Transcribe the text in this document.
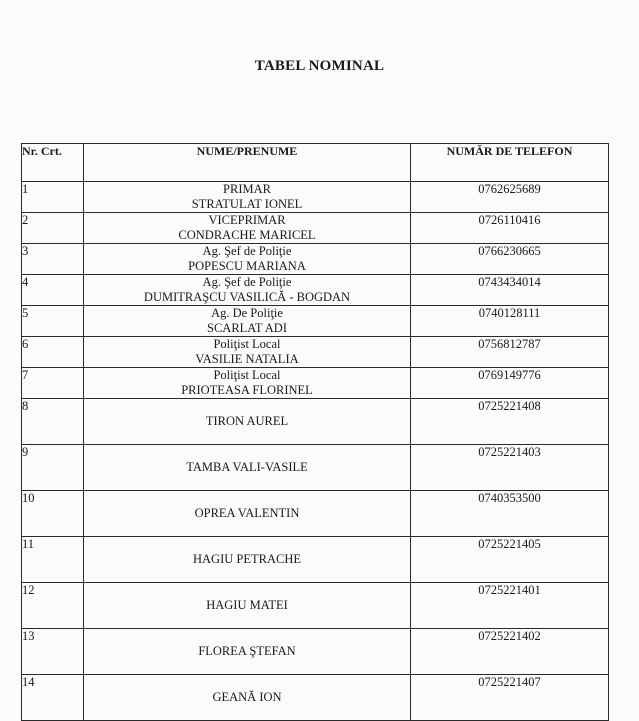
TABEL NOMINAL
Nr. Crt.	NUME/PRENUME	NUMĂR DE TELEFON
1	PRIMAR
STRATULAT IONEL	0762625689
2	VICEPRIMAR
CONDRACHE MARICEL	0726110416
3	Ag. Şef de Poliţie
POPESCU MARIANA	0766230665
4	Ag. Şef de Poliţie
DUMITRAŞCU VASILICĂ - BOGDAN	0743434014
5	Ag. De Poliţie
SCARLAT ADI	0740128111
6	Poliţist Local
VASILIE NATALIA	0756812787
7	Poliţist Local
PRIOTEASA FLORINEL	0769149776
8	TIRON AUREL	0725221408
9	TAMBA VALI-VASILE	0725221403
10	OPREA VALENTIN	0740353500
11	HAGIU PETRACHE	0725221405
12	HAGIU MATEI	0725221401
13	FLOREA ŞTEFAN	0725221402
14	GEANĂ ION	0725221407
